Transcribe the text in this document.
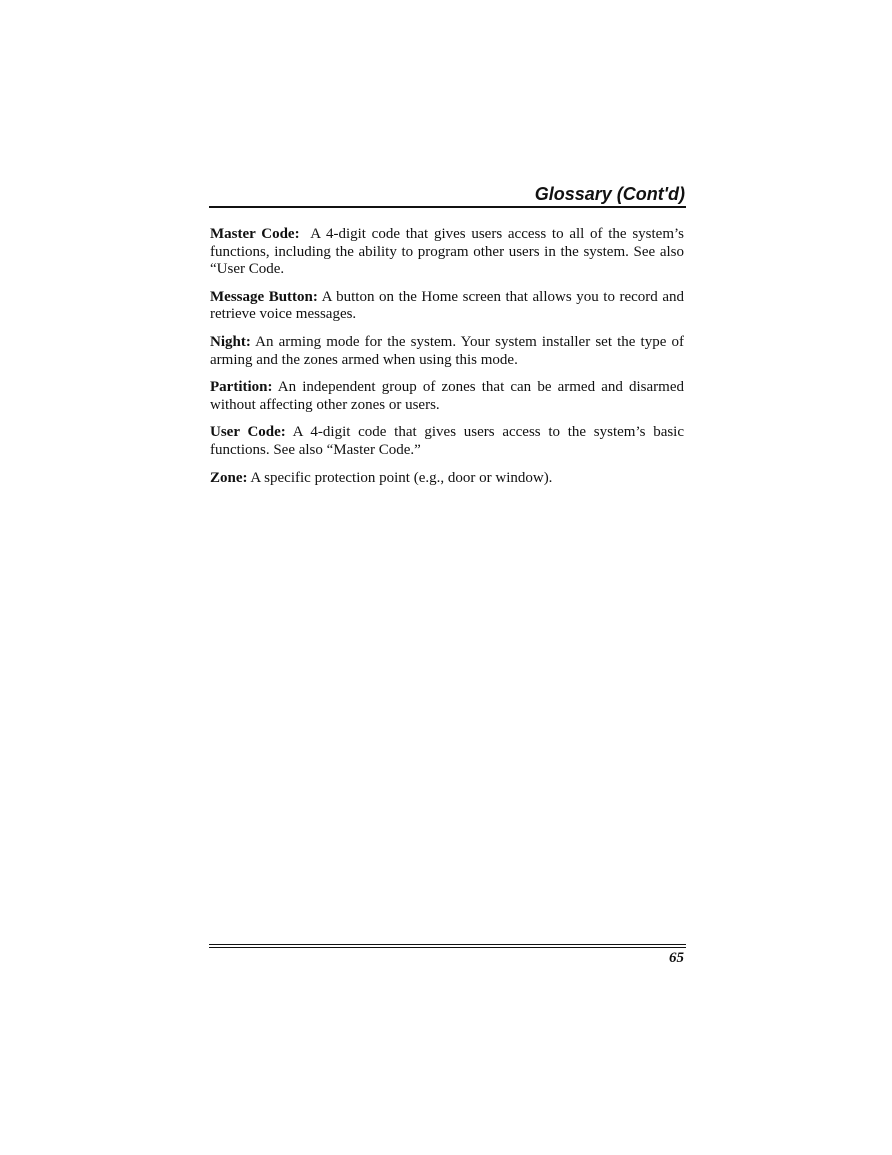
Glossary (Cont'd)

Master Code:  A 4-digit code that gives users access to all of the system’s functions, including the ability to program other users in the system. See also “User Code.

Message Button: A button on the Home screen that allows you to record and retrieve voice messages.

Night: An arming mode for the system. Your system installer set the type of arming and the zones armed when using this mode.

Partition: An independent group of zones that can be armed and disarmed without affecting other zones or users.

User Code: A 4-digit code that gives users access to the system’s basic functions. See also “Master Code.”

Zone: A specific protection point (e.g., door or window).

65
